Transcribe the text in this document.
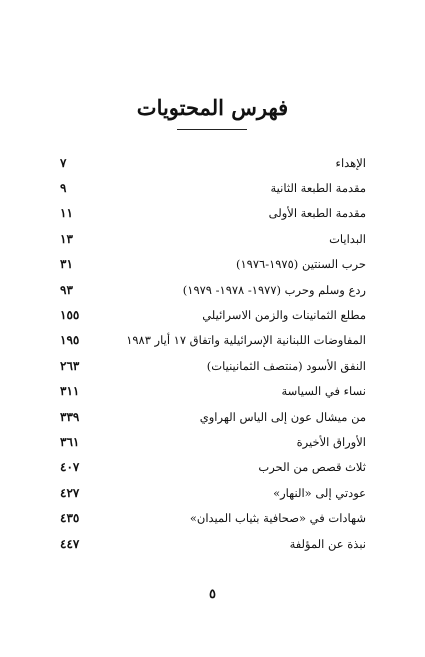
فهرس المحتويات
الإهداء
٧
مقدمة الطبعة الثانية
٩
مقدمة الطبعة الأولى
١١
البدايات
١٣
حرب السنتين (١٩٧٥-١٩٧٦)
٣١
ردع وسلم وحرب (١٩٧٧- ١٩٧٨- ١٩٧٩)
٩٣
مطلع الثمانينات والزمن الاسرائيلي
١٥٥
المفاوضات اللبنانية الإسرائيلية واتفاق ١٧ أيار ١٩٨٣
١٩٥
النفق الأسود (منتصف الثمانينيات)
٢٦٣
نساء في السياسة
٣١١
من ميشال عون إلى الياس الهراوي
٣٣٩
الأوراق الأخيرة
٣٦١
ثلاث قصص من الحرب
٤٠٧
عودتي إلى «النهار»
٤٢٧
شهادات في «صحافية بثياب الميدان»
٤٣٥
نبذة عن المؤلفة
٤٤٧
٥
